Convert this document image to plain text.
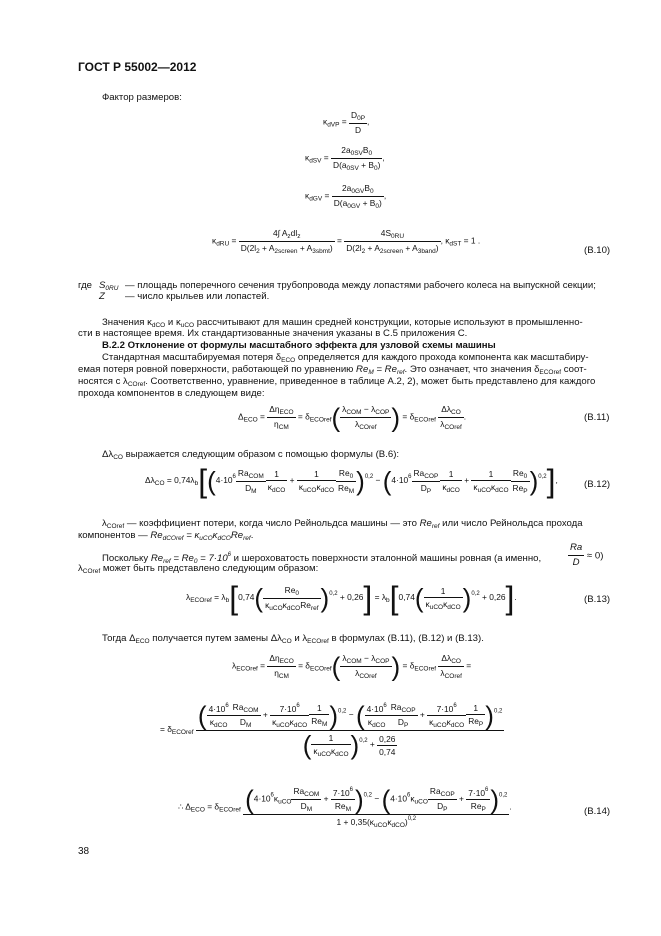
ГОСТ Р 55002—2012
Фактор размеров:
$\kappa_{dVP} = \frac{D_{0P}}{D}$ ,
$\kappa_{dSV}$ =
$2a_{0SV}B_0$
$D(a_{0SV} + B_0)$
,
$\kappa_{dGV}$ =
$2a_{0GV}B_0$
$D(a_{0GV} + B_0)$
,
$\kappa_{dRU}$ =
4∫ $A_zdl_z$
$D(2l_2 + A_{2screen} + A_{3sbmt})$
=
$4S_{0RU}$
$D(2l_2 + A_{2screen} + A_{3band})$
, $\kappa_{dST} = 1$ .
(B.10)
где $S_{0RU}$ — площадь поперечного сечения трубопровода между лопастями рабочего колеса на выпускной секции;
Z — число крыльев или лопастей.
Значения $\kappa_{dCO}$ и $\kappa_{uCO}$ рассчитывают для машин средней конструкции, которые используют в промышленно-
сти в настоящее время. Их стандартизованные значения указаны в С.5 приложения С.
В.2.2 Отклонение от формулы масштабного эффекта для узловой схемы машины
Стандартная масштабируемая потеря $\delta_{ECO}$ определяется для каждого прохода компонента как масштабиру-
емая потеря ровной поверхности, работающей по уравнению $Re_M = Re_{ref}$. Это означает, что значения $\delta_{ECOref}$ соот-
носятся с $\lambda_{COref}$. Соответственно, уравнение, приведенное в таблице А.2, 2), может быть представлено для каждого
прохода компонентов в следующем виде:
$\Delta_{ECO}$ =
$\Delta\eta_{ECO}$
$\eta_{CM}$
= $\delta_{ECOref}$( $\lambda_{COM} - \lambda_{COP}$
$\lambda_{COref}$ ) = $\delta_{ECOref}$
$\Delta\lambda_{CO}$
$\lambda_{COref}$
.	(B.11)
$\Delta\lambda_{CO}$ выражается следующим образом с помощью формулы (В.6):
$\Delta\lambda_{CO} = 0,74\lambda_b[(4\cdot 10^6$ $Ra_{COM}$
$D_M$
1
$\kappa_{dCO}$
+
1
$\kappa_{uCO}\kappa_{dCO}$
$Re_0$
$Re_M$ )$^{0,2} - (4\cdot 10^6$ $Ra_{COP}$
$D_P$
1
$\kappa_{dCO}$
+
1
$\kappa_{uCO}\kappa_{dCO}$
$Re_0$
$Re_P$ )$^{0,2}$],	(B.12)
$\lambda_{COref}$ — коэффициент потери, когда число Рейнольдса машины — это $Re_{ref}$ или число Рейнольдса прохода
компонентов — $Re_{dCOref} = \kappa_{uCO}\kappa_{dCO}Re_{ref}$.
Поскольку $Re_{ref} = Re_0 = 7\cdot 10^6$ и шероховатость поверхности эталонной машины ровная (а именно,	$\frac{Ra}{D} \approx 0$)
$\lambda_{COref}$ может быть представлено следующим образом:
$\lambda_{ECOref} = \lambda_b[0,74$(	$Re_0$
$\kappa_{uCO}\kappa_{dCO}Re_{ref}$ )$^{0,2} + 0,26] = \lambda_b[0,74$(	1
$\kappa_{uCO}\kappa_{dCO}$ )$^{0,2}$ + 0,26].	(B.13)
Тогда $\Delta_{ECO}$ получается путем замены $\Delta\lambda_{CO}$ и $\lambda_{ECOref}$ в формулах (В.11), (В.12) и (В.13).
$\lambda_{ECOref}$ =
$\Delta\eta_{ECO}$
$\eta_{CM}$
= $\delta_{ECOref}$( $\lambda_{COM} - \lambda_{COP}$
$\lambda_{COref}$ ) = $\delta_{ECOref}$
$\Delta\lambda_{CO}$
$\lambda_{COref}$
=
= $\delta_{ECOref}$
( $4\cdot 10^6$
$\kappa_{dCO}$
$Ra_{COM}$
$D_M$
+
$7\cdot 10^6$
$\kappa_{uCO}\kappa_{dCO}$
1
$Re_M$ )$^{0,2}$ − ( $4\cdot 10^6$
$\kappa_{dCO}$
$Ra_{COP}$
$D_P$
+
$7\cdot 10^6$
$\kappa_{uCO}\kappa_{dCO}$
1
$Re_P$ )$^{0,2}$
(	1
$\kappa_{uCO}\kappa_{dCO}$ )$^{0,2} + \frac{0,26}{0,74}$
∴ $\Delta_{ECO} = \delta_{ECOref}$ ($4\cdot 10^6\kappa_{uCO}$
$Ra_{COM}$
$D_M$
+
$7\cdot 10^6$
$Re_M$ )$^{0,2} - (4\cdot 10^6\kappa_{uCO}$
$Ra_{COP}$
$D_P$
+
$7\cdot 10^6$
$Re_P$ )$^{0,2}$
$1 + 0,35(\kappa_{uCO}\kappa_{dCO})^{0,2}$
.	(B.14)
38
